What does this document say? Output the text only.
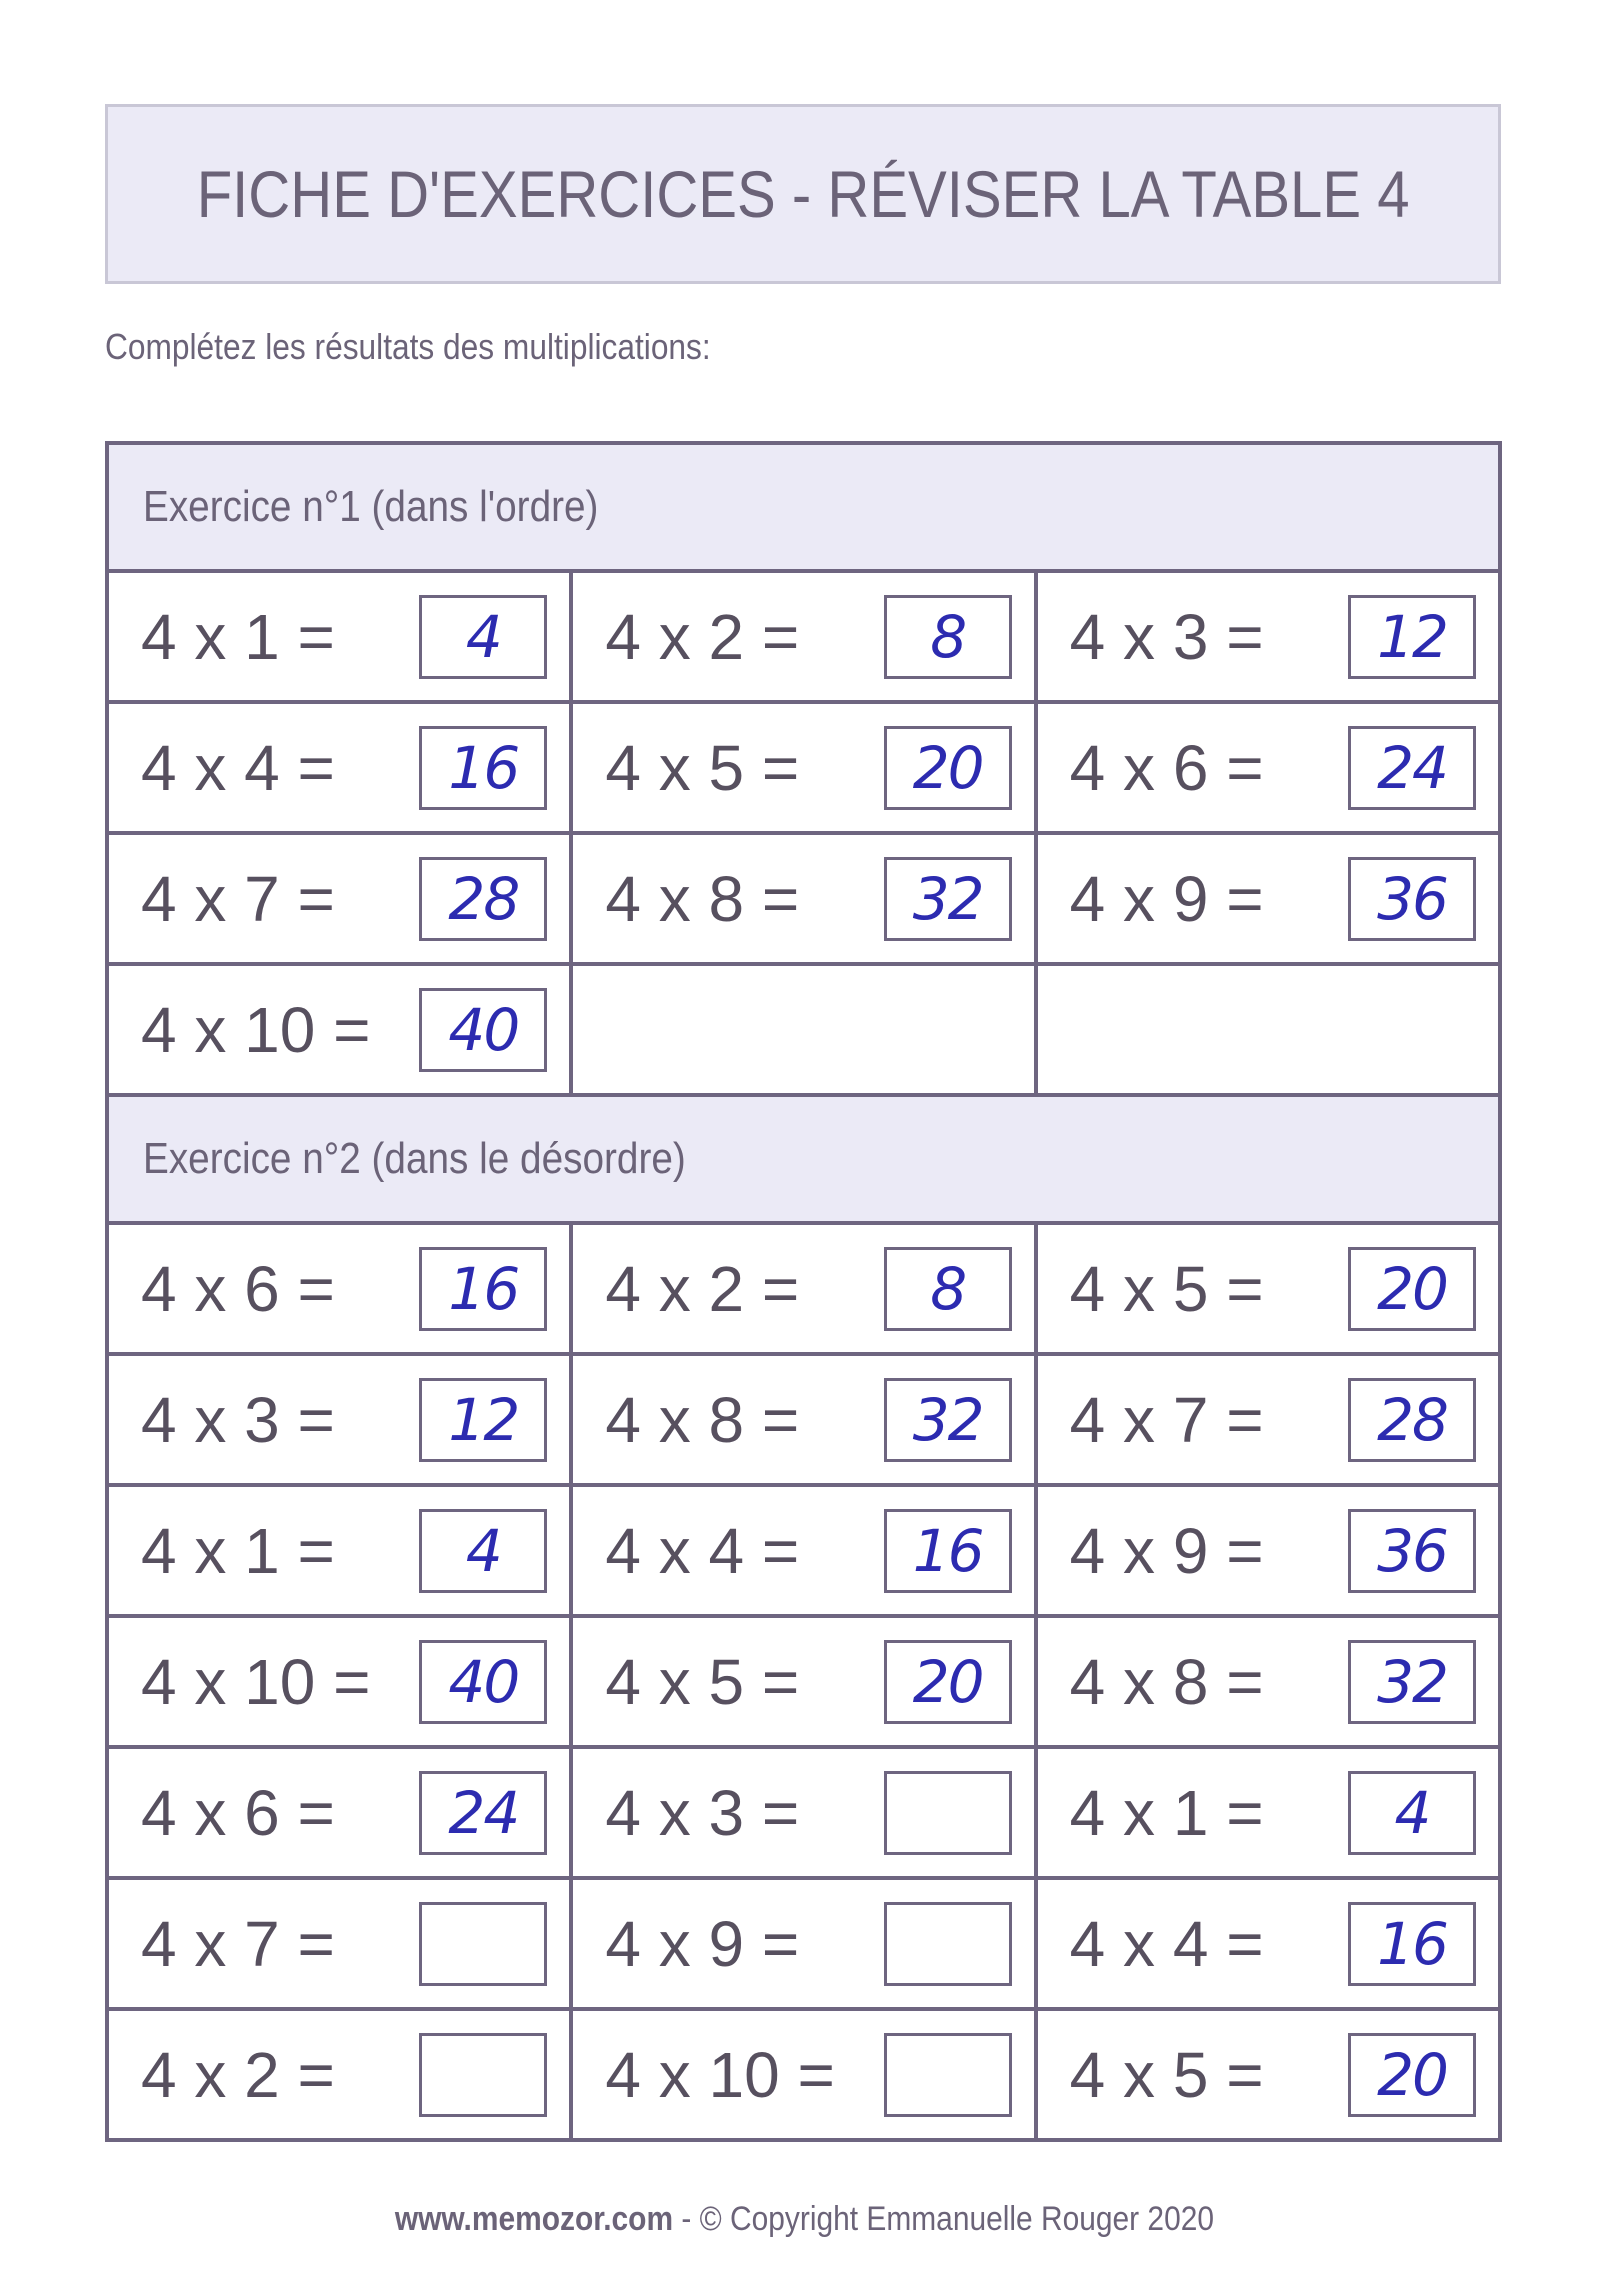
FICHE D'EXERCICES - RÉVISER LA TABLE 4
Complétez les résultats des multiplications:
Exercice n°1 (dans l'ordre)
4 x 1 =	4	4 x 2 =	8	4 x 3 =	12
4 x 4 =	16	4 x 5 =	20	4 x 6 =	24
4 x 7 =	28	4 x 8 =	32	4 x 9 =	36
4 x 10 =	40
Exercice n°2 (dans le désordre)
4 x 6 =	16	4 x 2 =	8	4 x 5 =	20
4 x 3 =	12	4 x 8 =	32	4 x 7 =	28
4 x 1 =	4	4 x 4 =	16	4 x 9 =	36
4 x 10 =	40	4 x 5 =	20	4 x 8 =	32
4 x 6 =	24	4 x 3 =	4 x 1 =	4
4 x 7 =	4 x 9 =	4 x 4 =	16
4 x 2 =	4 x 10 =	4 x 5 =	20
www.memozor.com - © Copyright Emmanuelle Rouger 2020
